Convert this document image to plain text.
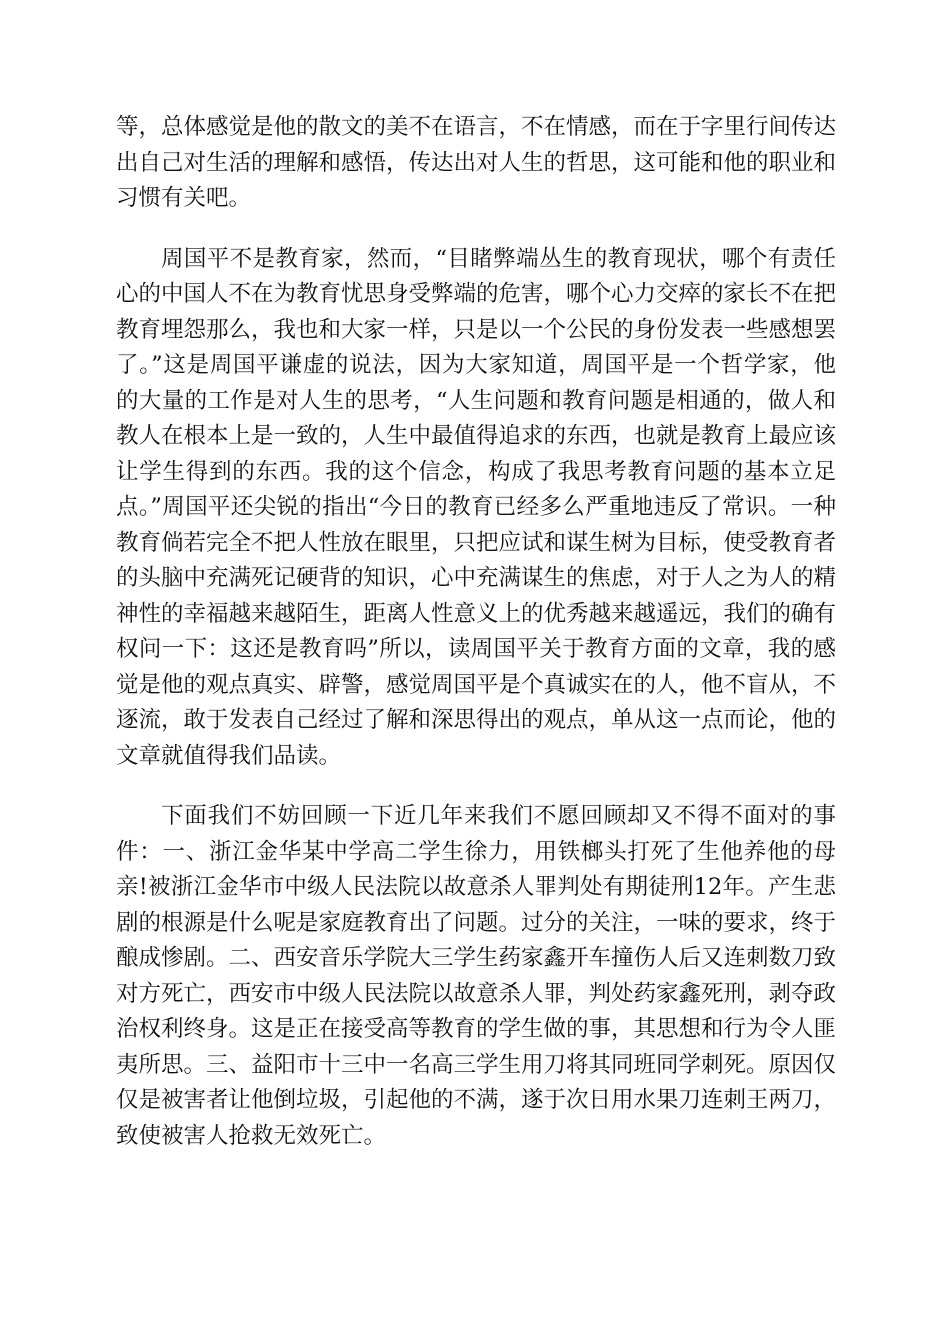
等，总体感觉是他的散文的美不在语言，不在情感，而在于字里行间传达出自己对生活的理解和感悟，传达出对人生的哲思，这可能和他的职业和习惯有关吧。

周国平不是教育家，然而，“目睹弊端丛生的教育现状，哪个有责任心的中国人不在为教育忧思身受弊端的危害，哪个心力交瘁的家长不在把教育埋怨那么，我也和大家一样，只是以一个公民的身份发表一些感想罢了。”这是周国平谦虚的说法，因为大家知道，周国平是一个哲学家，他的大量的工作是对人生的思考，“人生问题和教育问题是相通的，做人和教人在根本上是一致的，人生中最值得追求的东西，也就是教育上最应该让学生得到的东西。我的这个信念，构成了我思考教育问题的基本立足点。”周国平还尖锐的指出“今日的教育已经多么严重地违反了常识。一种教育倘若完全不把人性放在眼里，只把应试和谋生树为目标，使受教育者的头脑中充满死记硬背的知识，心中充满谋生的焦虑，对于人之为人的精神性的幸福越来越陌生，距离人性意义上的优秀越来越遥远，我们的确有权问一下：这还是教育吗”所以，读周国平关于教育方面的文章，我的感觉是他的观点真实、辟警，感觉周国平是个真诚实在的人，他不盲从，不逐流，敢于发表自己经过了解和深思得出的观点，单从这一点而论，他的文章就值得我们品读。

下面我们不妨回顾一下近几年来我们不愿回顾却又不得不面对的事件：一、浙江金华某中学高二学生徐力，用铁榔头打死了生他养他的母亲!被浙江金华市中级人民法院以故意杀人罪判处有期徒刑12年。产生悲剧的根源是什么呢是家庭教育出了问题。过分的关注，一味的要求，终于酿成惨剧。二、西安音乐学院大三学生药家鑫开车撞伤人后又连刺数刀致对方死亡，西安市中级人民法院以故意杀人罪，判处药家鑫死刑，剥夺政治权利终身。这是正在接受高等教育的学生做的事，其思想和行为令人匪夷所思。三、益阳市十三中一名高三学生用刀将其同班同学刺死。原因仅仅是被害者让他倒垃圾，引起他的不满，遂于次日用水果刀连刺王两刀，致使被害人抢救无效死亡。
